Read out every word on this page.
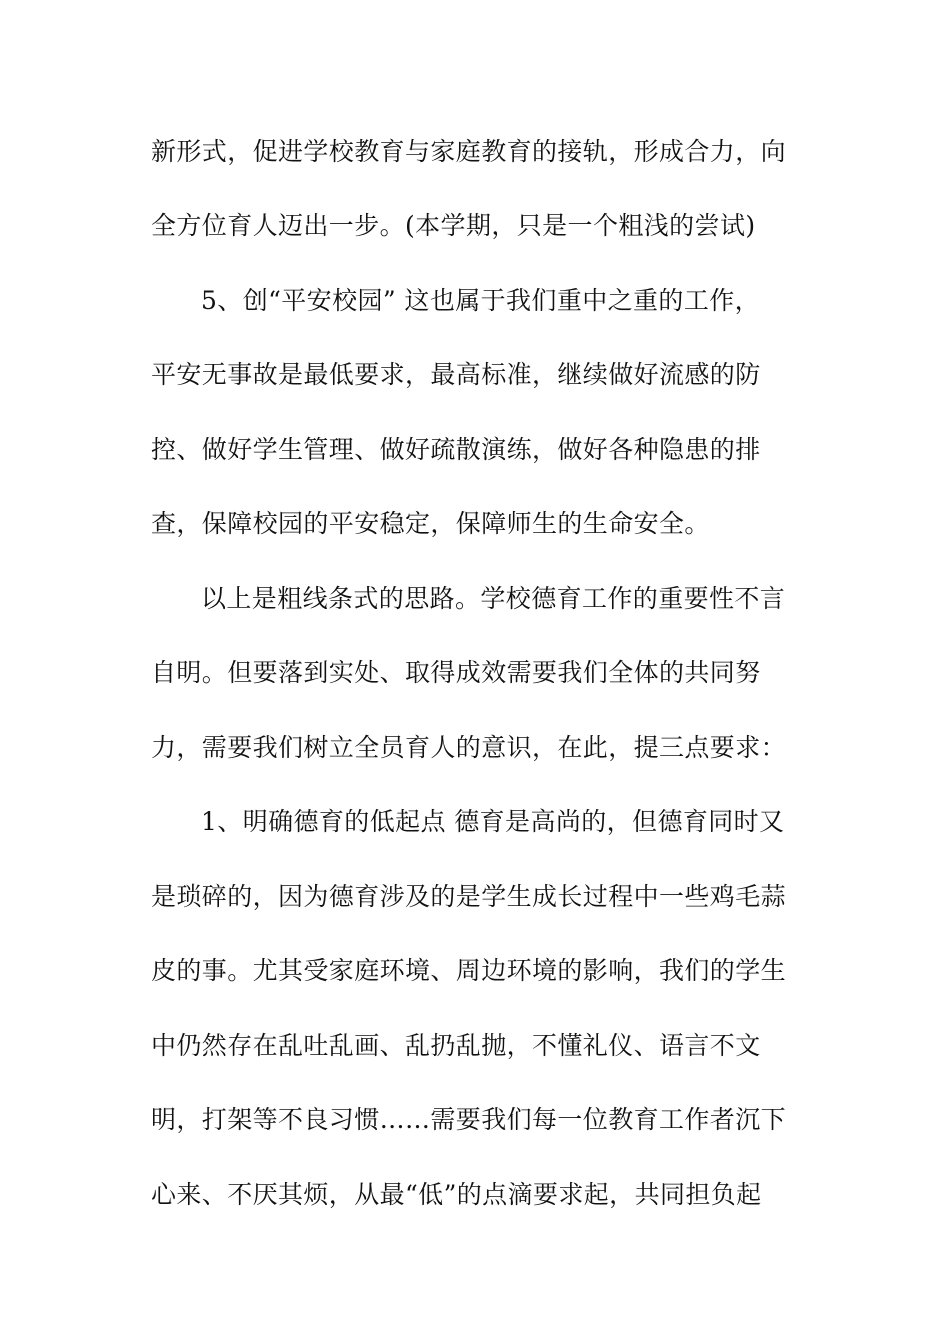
新形式，促进学校教育与家庭教育的接轨，形成合力，向
全方位育人迈出一步。(本学期，只是一个粗浅的尝试)
5、创“平安校园” 这也属于我们重中之重的工作，
平安无事故是最低要求，最高标准，继续做好流感的防
控、做好学生管理、做好疏散演练，做好各种隐患的排
查，保障校园的平安稳定，保障师生的生命安全。
以上是粗线条式的思路。学校德育工作的重要性不言
自明。但要落到实处、取得成效需要我们全体的共同努
力，需要我们树立全员育人的意识，在此，提三点要求：
1、明确德育的低起点 德育是高尚的，但德育同时又
是琐碎的，因为德育涉及的是学生成长过程中一些鸡毛蒜
皮的事。尤其受家庭环境、周边环境的影响，我们的学生
中仍然存在乱吐乱画、乱扔乱抛，不懂礼仪、语言不文
明，打架等不良习惯……需要我们每一位教育工作者沉下
心来、不厌其烦，从最“低”的点滴要求起，共同担负起
